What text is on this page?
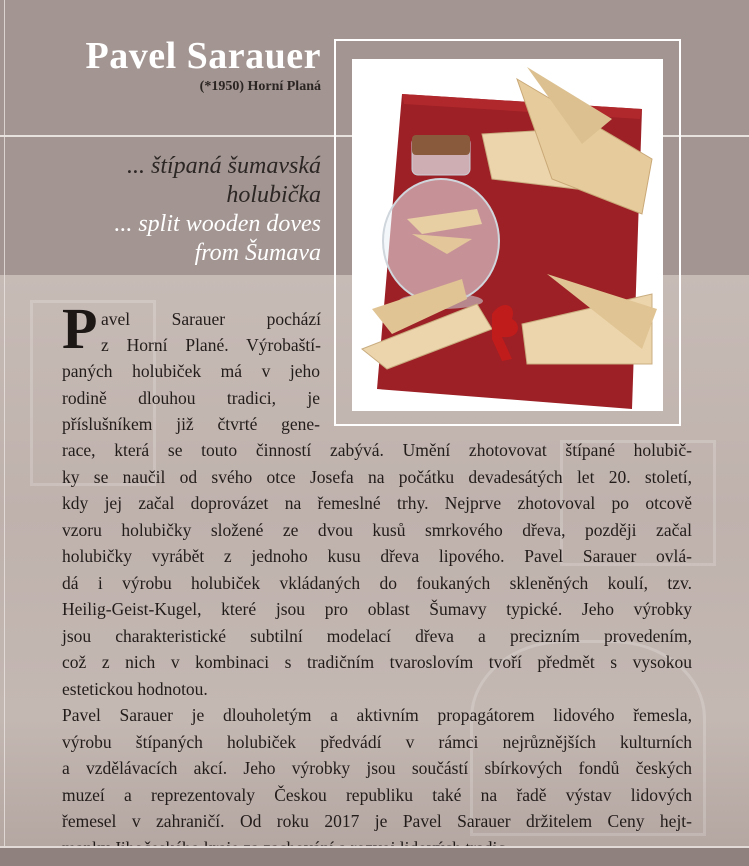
Pavel Sarauer
(*1950) Horní Planá
... štípaná šumavská
holubička
... split wooden doves
from Šumava
P avel Sarauer pochází
z Horní Plané. Výrobaští-
paných holubiček má v jeho
rodině dlouhou tradici, je
příslušníkem již čtvrté gene-
race, která se touto činností zabývá. Umění zhotovovat štípané holubič-
ky se naučil od svého otce Josefa na počátku devadesátých let 20. století,
kdy jej začal doprovázet na řemeslné trhy. Nejprve zhotovoval po otcově
vzoru holubičky složené ze dvou kusů smrkového dřeva, později začal
holubičky vyrábět z jednoho kusu dřeva lipového. Pavel Sarauer ovlá-
dá i výrobu holubiček vkládaných do foukaných skleněných koulí, tzv.
Heilig-Geist-Kugel, které jsou pro oblast Šumavy typické. Jeho výrobky
jsou charakteristické subtilní modelací dřeva a precizním provedením,
což z nich v kombinaci s tradičním tvaroslovím tvoří předmět s vysokou
estetickou hodnotou.
Pavel Sarauer je dlouholetým a aktivním propagátorem lidového řemesla,
výrobu štípaných holubiček předvádí v rámci nejrůznějších kulturních
a vzdělávacích akcí. Jeho výrobky jsou součástí sbírkových fondů českých
muzeí a reprezentovaly Českou republiku také na řadě výstav lidových
řemesel v zahraničí. Od roku 2017 je Pavel Sarauer držitelem Ceny hejt-
